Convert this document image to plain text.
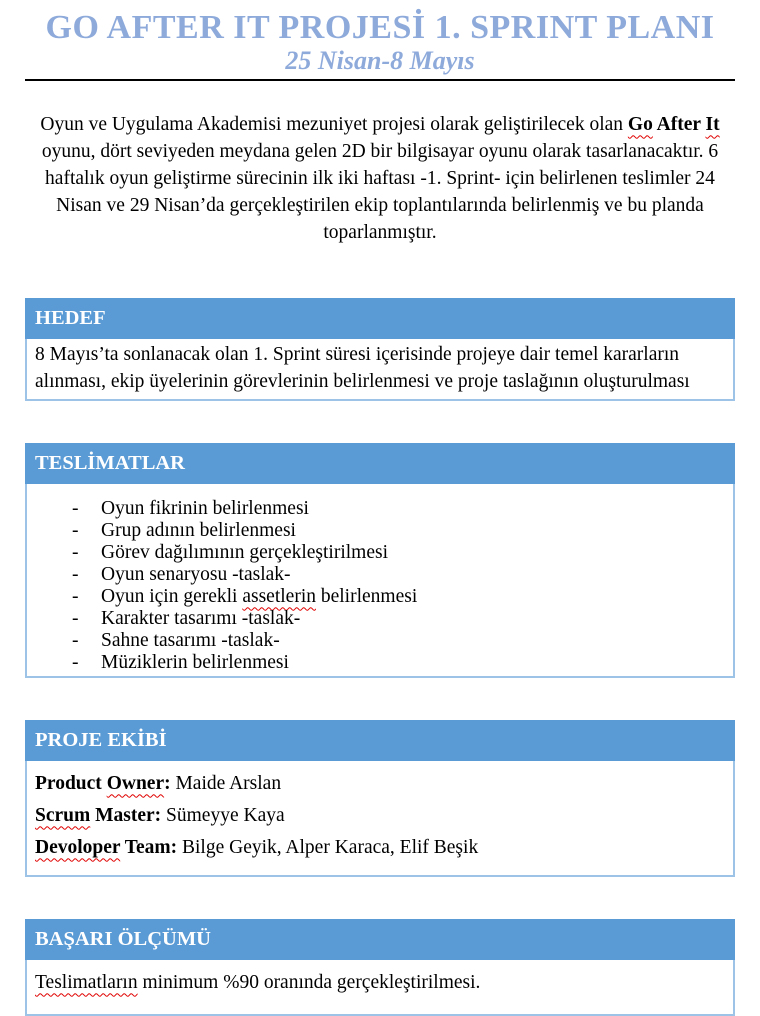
GO AFTER IT PROJESİ 1. SPRINT PLANI
25 Nisan-8 Mayıs

Oyun ve Uygulama Akademisi mezuniyet projesi olarak geliştirilecek olan Go After It oyunu, dört seviyeden meydana gelen 2D bir bilgisayar oyunu olarak tasarlanacaktır. 6 haftalık oyun geliştirme sürecinin ilk iki haftası -1. Sprint- için belirlenen teslimler 24 Nisan ve 29 Nisan’da gerçekleştirilen ekip toplantılarında belirlenmiş ve bu planda toparlanmıştır.

HEDEF
8 Mayıs’ta sonlanacak olan 1. Sprint süresi içerisinde projeye dair temel kararların alınması, ekip üyelerinin görevlerinin belirlenmesi ve proje taslağının oluşturulması
TESLİMATLAR
-	Oyun fikrinin belirlenmesi
-	Grup adının belirlenmesi
-	Görev dağılımının gerçekleştirilmesi
-	Oyun senaryosu -taslak-
-	Oyun için gerekli assetlerin belirlenmesi
-	Karakter tasarımı -taslak-
-	Sahne tasarımı -taslak-
-	Müziklerin belirlenmesi
PROJE EKİBİ

Product Owner: Maide Arslan

Scrum Master: Sümeyye Kaya

Devoloper Team: Bilge Geyik, Alper Karaca, Elif Beşik

BAŞARI ÖLÇÜMÜ
Teslimatların minimum %90 oranında gerçekleştirilmesi.
